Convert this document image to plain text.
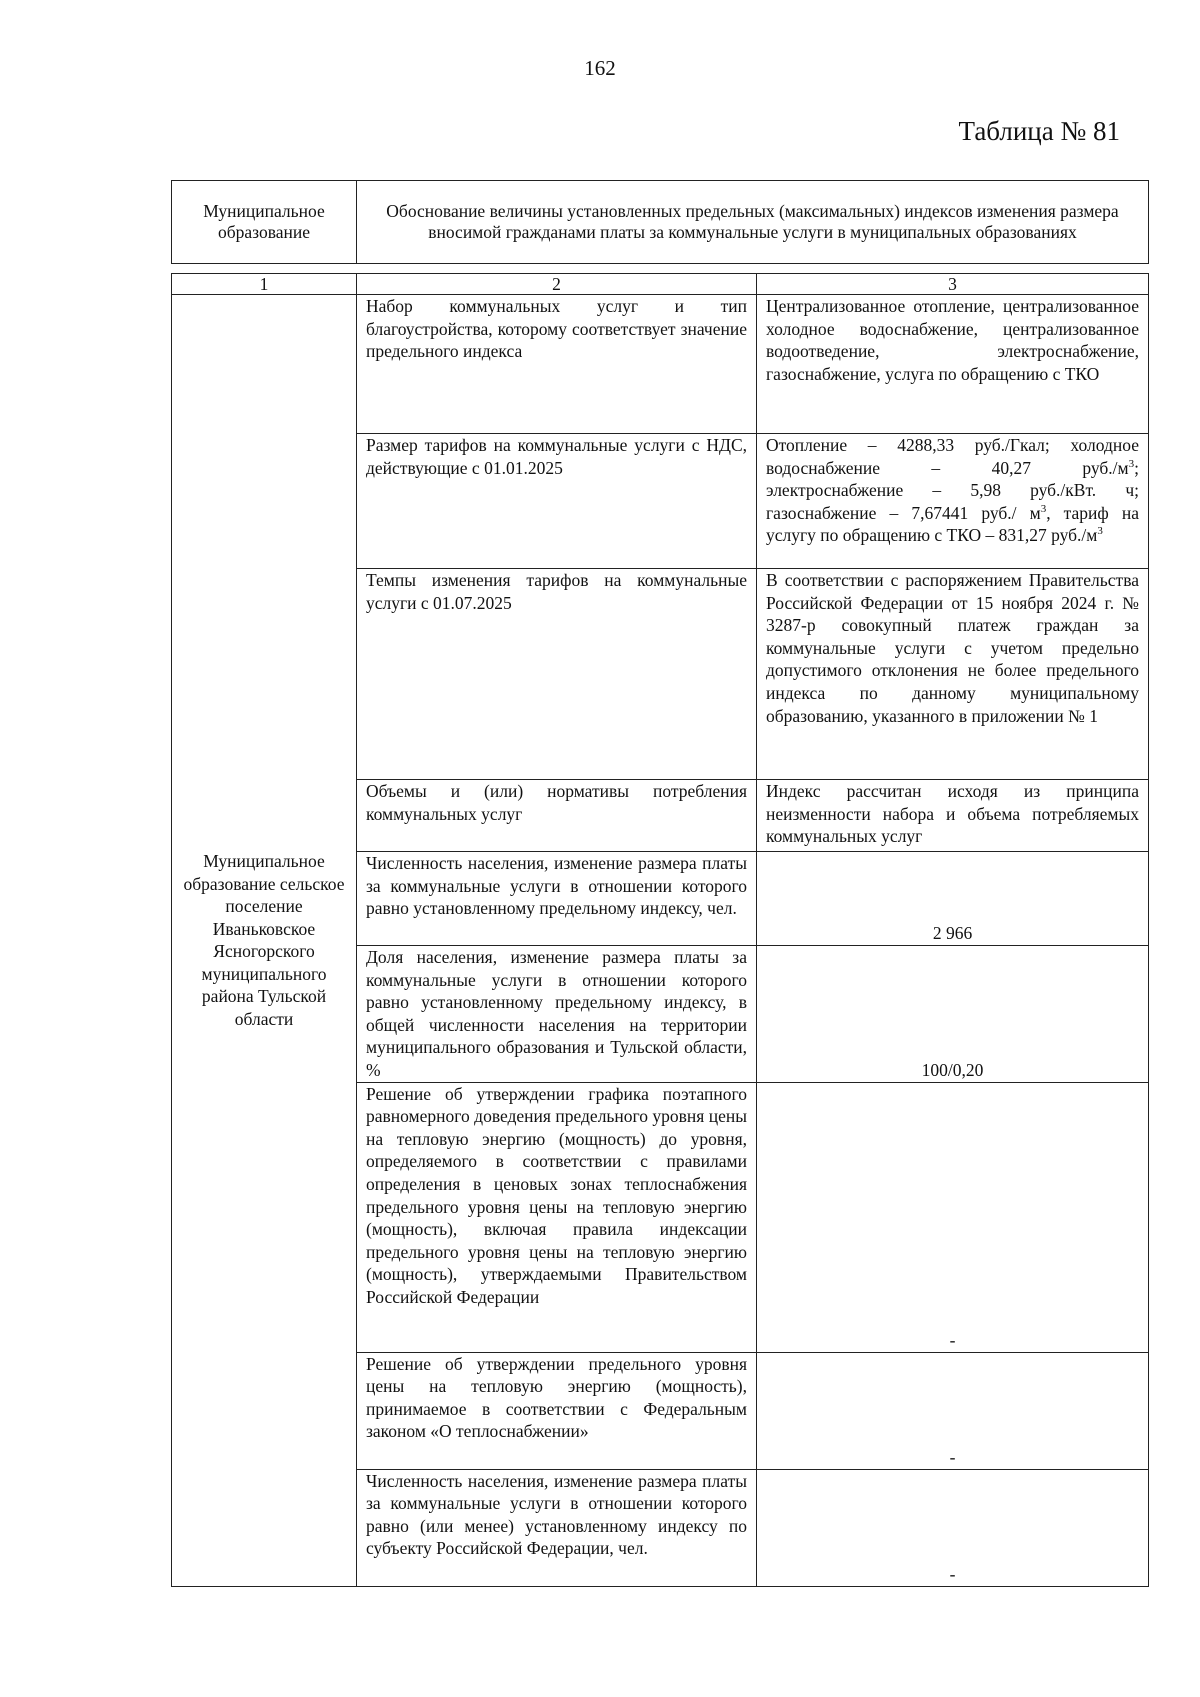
162
Таблица № 81
Муниципальное образование	Обоснование величины установленных предельных (максимальных) индексов изменения размера вносимой гражданами платы за коммунальные услуги в муниципальных образованиях
1	2	3
Муниципальное образование сельское поселение Иваньковское Ясногорского муниципального района Тульской области	Набор коммунальных услуг и тип благоустройства, которому соответствует значение предельного индекса	Централизованное отопление, централизованное холодное водоснабжение, централизованное водоотведение, электроснабжение, газоснабжение, услуга по обращению с ТКО
	Размер тарифов на коммунальные услуги с НДС, действующие с 01.01.2025	Отопление – 4288,33 руб./Гкал; холодное водоснабжение – 40,27 $руб./м^3$; электроснабжение – 5,98 руб./кВт. ч; газоснабжение – 7,67441 руб./ $м^3$, тариф на услугу по обращению с ТКО – 831,27 $руб./м^3$
	Темпы изменения тарифов на коммунальные услуги с 01.07.2025	В соответствии с распоряжением Правительства Российской Федерации от 15 ноября 2024 г. № 3287-р совокупный платеж граждан за коммунальные услуги с учетом предельно допустимого отклонения не более предельного индекса по данному муниципальному образованию, указанного в приложении № 1
	Объемы и (или) нормативы потребления коммунальных услуг	Индекс рассчитан исходя из принципа неизменности набора и объема потребляемых коммунальных услуг
	Численность населения, изменение размера платы за коммунальные услуги в отношении которого равно установленному предельному индексу, чел.	2 966
	Доля населения, изменение размера платы за коммунальные услуги в отношении которого равно установленному предельному индексу, в общей численности населения на территории муниципального образования и Тульской области, %	100/0,20
	Решение об утверждении графика поэтапного равномерного доведения предельного уровня цены на тепловую энергию (мощность) до уровня, определяемого в соответствии с правилами определения в ценовых зонах теплоснабжения предельного уровня цены на тепловую энергию (мощность), включая правила индексации предельного уровня цены на тепловую энергию (мощность), утверждаемыми Правительством Российской Федерации	-
	Решение об утверждении предельного уровня цены на тепловую энергию (мощность), принимаемое в соответствии с Федеральным законом «О теплоснабжении»	-
	Численность населения, изменение размера платы за коммунальные услуги в отношении которого равно (или менее) установленному индексу по субъекту Российской Федерации, чел.	-
